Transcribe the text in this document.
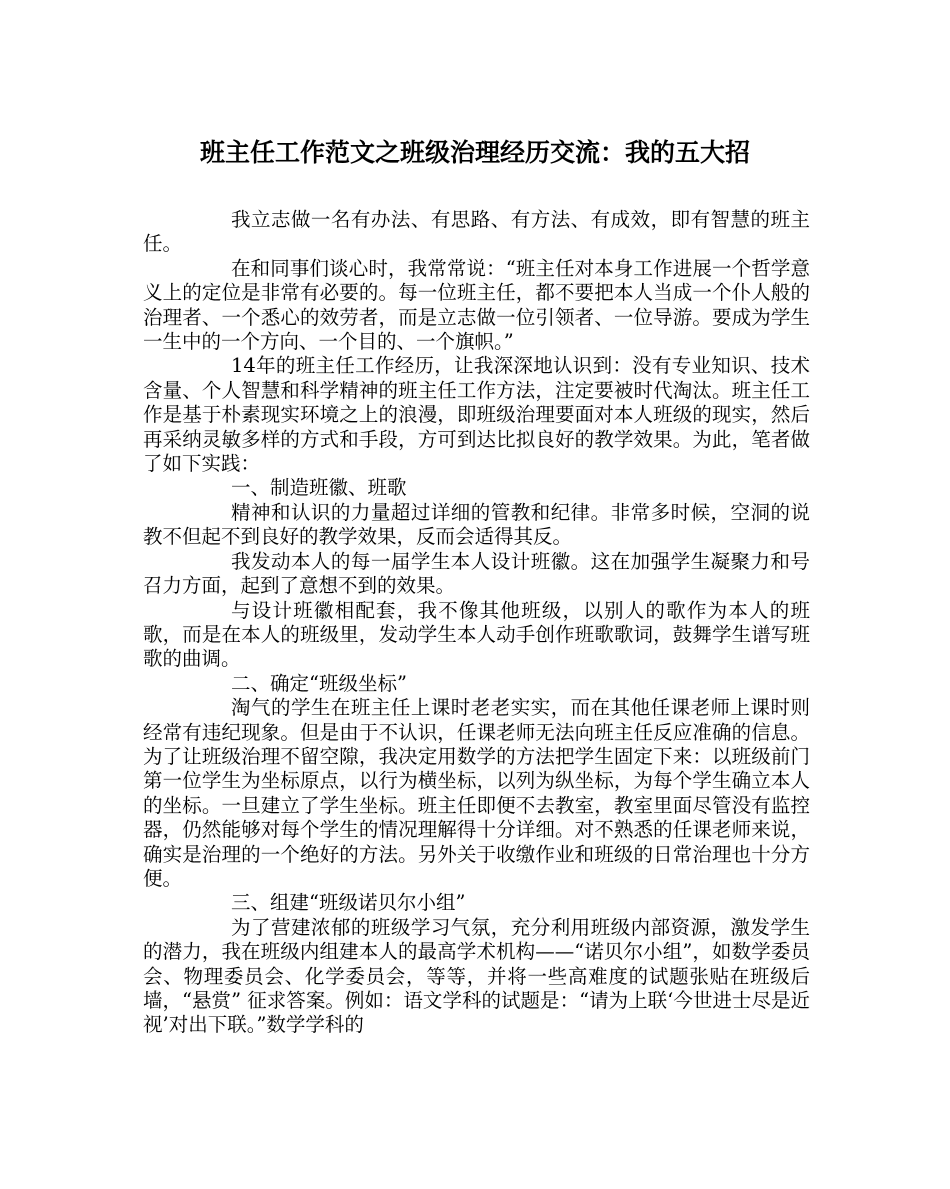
班主任工作范文之班级治理经历交流：我的五大招

我立志做一名有办法、有思路、有方法、有成效，即有智慧的班主任。

在和同事们谈心时，我常常说：“班主任对本身工作进展一个哲学意义上的定位是非常有必要的。每一位班主任，都不要把本人当成一个仆人般的治理者、一个悉心的效劳者，而是立志做一位引领者、一位导游。要成为学生一生中的一个方向、一个目的、一个旗帜。”

14年的班主任工作经历，让我深深地认识到：没有专业知识、技术含量、个人智慧和科学精神的班主任工作方法，注定要被时代淘汰。班主任工作是基于朴素现实环境之上的浪漫，即班级治理要面对本人班级的现实，然后再采纳灵敏多样的方式和手段，方可到达比拟良好的教学效果。为此，笔者做了如下实践：

一、制造班徽、班歌

精神和认识的力量超过详细的管教和纪律。非常多时候，空洞的说教不但起不到良好的教学效果，反而会适得其反。

我发动本人的每一届学生本人设计班徽。这在加强学生凝聚力和号召力方面，起到了意想不到的效果。

与设计班徽相配套，我不像其他班级，以别人的歌作为本人的班歌，而是在本人的班级里，发动学生本人动手创作班歌歌词，鼓舞学生谱写班歌的曲调。

二、确定“班级坐标”

淘气的学生在班主任上课时老老实实，而在其他任课老师上课时则经常有违纪现象。但是由于不认识，任课老师无法向班主任反应准确的信息。为了让班级治理不留空隙，我决定用数学的方法把学生固定下来：以班级前门第一位学生为坐标原点，以行为横坐标，以列为纵坐标，为每个学生确立本人的坐标。一旦建立了学生坐标。班主任即便不去教室，教室里面尽管没有监控器，仍然能够对每个学生的情况理解得十分详细。对不熟悉的任课老师来说，确实是治理的一个绝好的方法。另外关于收缴作业和班级的日常治理也十分方便。

三、组建“班级诺贝尔小组”

为了营建浓郁的班级学习气氛，充分利用班级内部资源，激发学生的潜力，我在班级内组建本人的最高学术机构——“诺贝尔小组”，如数学委员会、物理委员会、化学委员会，等等，并将一些高难度的试题张贴在班级后墙，“悬赏” 征求答案。例如：语文学科的试题是：“请为上联‘今世进士尽是近视’对出下联。”数学学科的
